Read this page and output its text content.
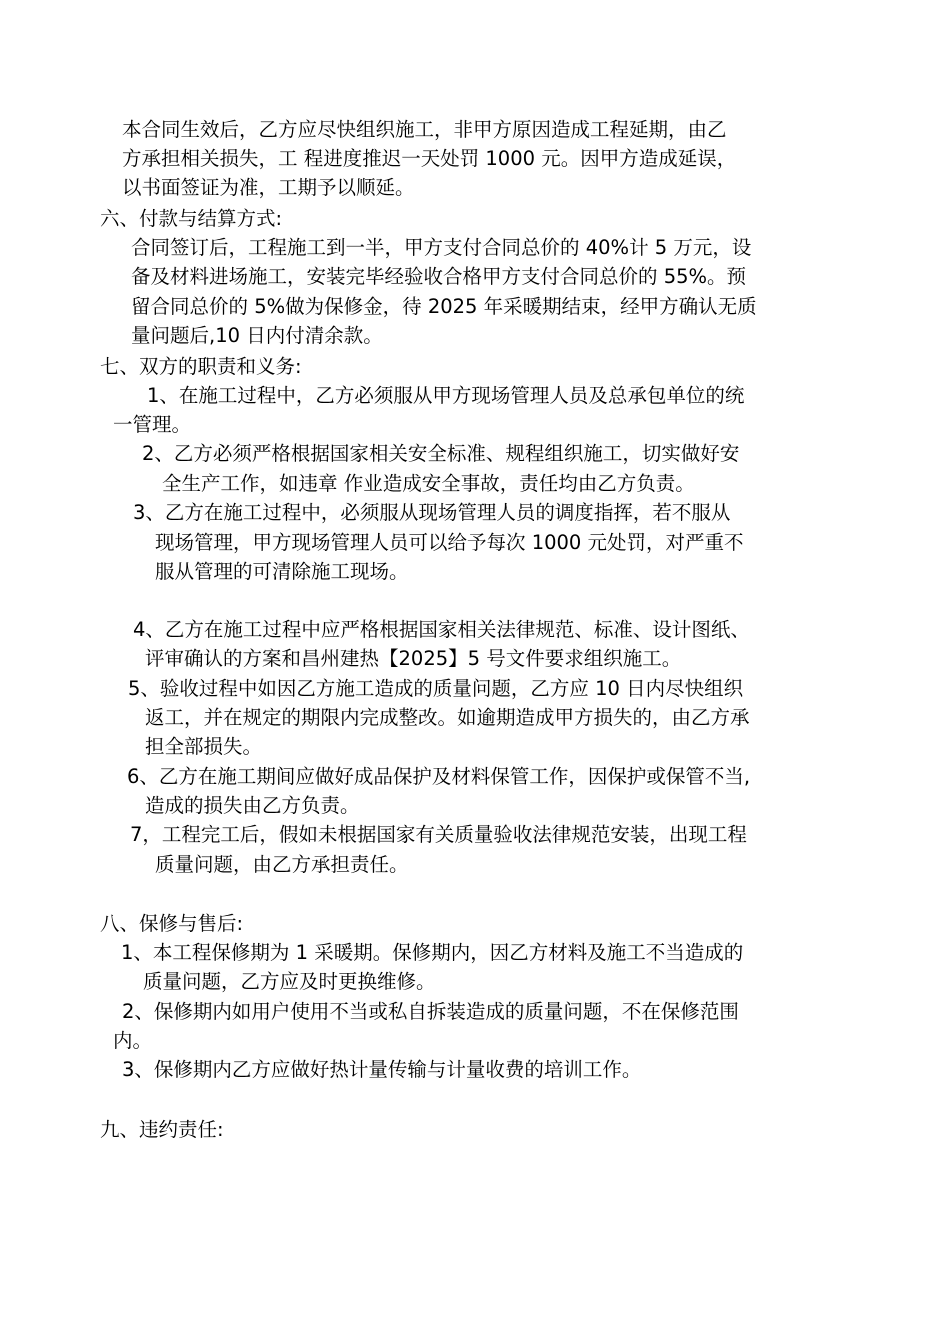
本合同生效后，乙方应尽快组织施工，非甲方原因造成工程延期，由乙
方承担相关损失，工 程进度推迟一天处罚 1000 元。因甲方造成延误，
以书面签证为准，工期予以顺延。
六、付款与结算方式:
合同签订后，工程施工到一半，甲方支付合同总价的 40%计 5 万元，设
备及材料进场施工，安装完毕经验收合格甲方支付合同总价的 55%。预
留合同总价的 5%做为保修金，待 2025 年采暖期结束，经甲方确认无质
量问题后,10 日内付清余款。
七、双方的职责和义务:
1、在施工过程中，乙方必须服从甲方现场管理人员及总承包单位的统
一管理。
2、乙方必须严格根据国家相关安全标准、规程组织施工，切实做好安
全生产工作，如违章 作业造成安全事故，责任均由乙方负责。
3、乙方在施工过程中，必须服从现场管理人员的调度指挥，若不服从
现场管理，甲方现场管理人员可以给予每次 1000 元处罚，对严重不
服从管理的可清除施工现场。
4、乙方在施工过程中应严格根据国家相关法律规范、标准、设计图纸、
评审确认的方案和昌州建热【2025】5 号文件要求组织施工。
5、验收过程中如因乙方施工造成的质量问题，乙方应 10 日内尽快组织
返工，并在规定的期限内完成整改。如逾期造成甲方损失的，由乙方承
担全部损失。
6、乙方在施工期间应做好成品保护及材料保管工作，因保护或保管不当,
造成的损失由乙方负责。
7，工程完工后，假如未根据国家有关质量验收法律规范安装，出现工程
质量问题，由乙方承担责任。
八、保修与售后:
1、本工程保修期为 1 采暖期。保修期内，因乙方材料及施工不当造成的
质量问题，乙方应及时更换维修。
2、保修期内如用户使用不当或私自拆装造成的质量问题，不在保修范围
内。
3、保修期内乙方应做好热计量传输与计量收费的培训工作。
九、违约责任:
